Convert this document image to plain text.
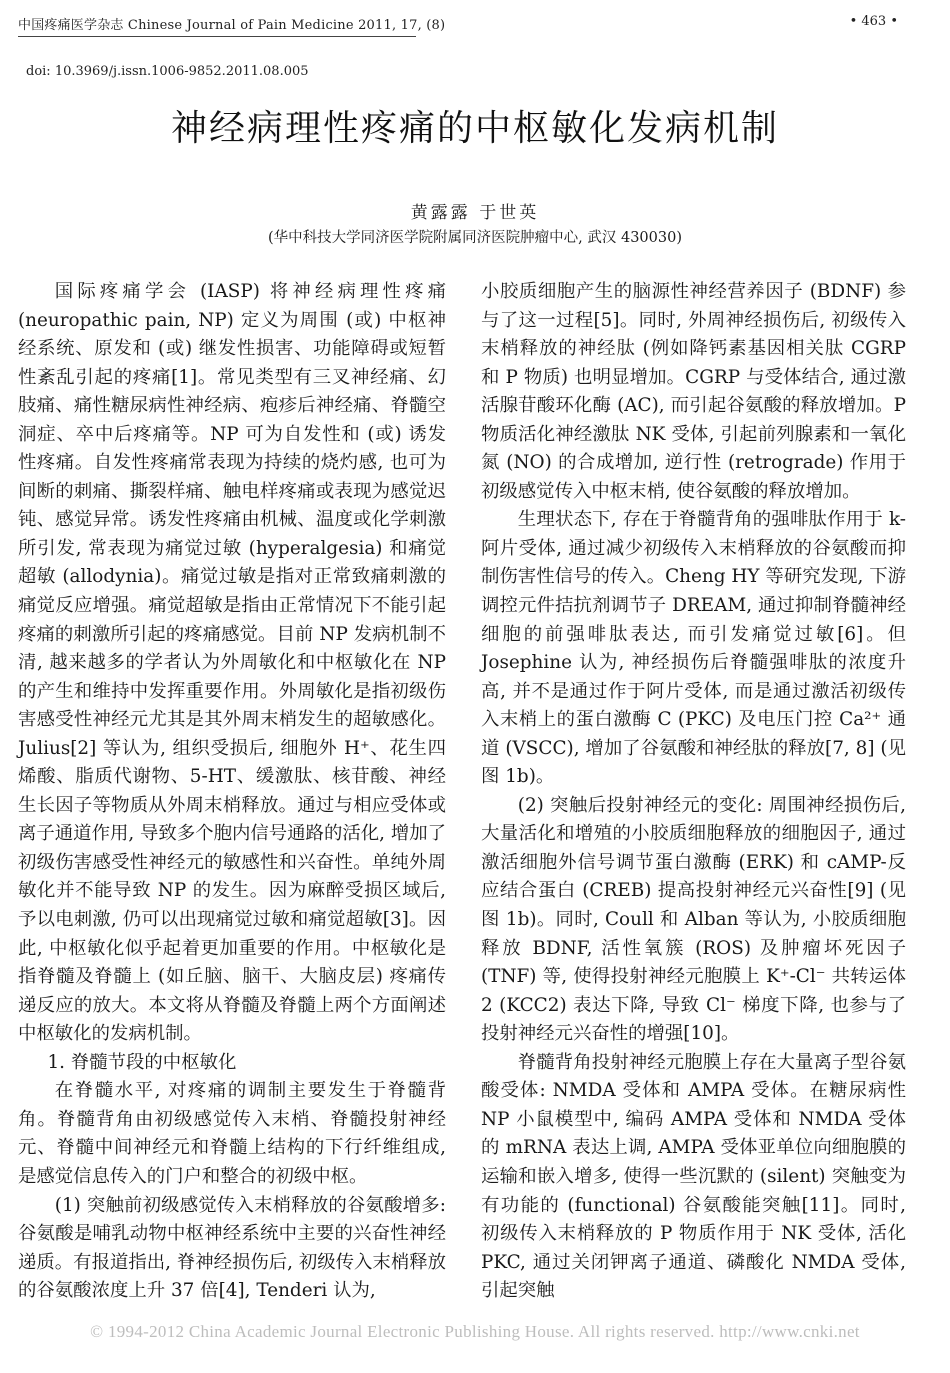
中国疼痛医学杂志 Chinese Journal of Pain Medicine 2011, 17, (8)	• 463 •
doi: 10.3969/j.issn.1006-9852.2011.08.005
神经病理性疼痛的中枢敏化发病机制
黄露露 于世英
(华中科技大学同济医学院附属同济医院肿瘤中心, 武汉 430030)

国际疼痛学会 (IASP) 将神经病理性疼痛 (neuropathic pain, NP) 定义为周围 (或) 中枢神经系统、原发和 (或) 继发性损害、功能障碍或短暂性紊乱引起的疼痛[1]。常见类型有三叉神经痛、幻肢痛、痛性糖尿病性神经病、疱疹后神经痛、脊髓空洞症、卒中后疼痛等。NP 可为自发性和 (或) 诱发性疼痛。自发性疼痛常表现为持续的烧灼感, 也可为间断的刺痛、撕裂样痛、触电样疼痛或表现为感觉迟钝、感觉异常。诱发性疼痛由机械、温度或化学刺激所引发, 常表现为痛觉过敏 (hyperalgesia) 和痛觉超敏 (allodynia)。痛觉过敏是指对正常致痛刺激的痛觉反应增强。痛觉超敏是指由正常情况下不能引起疼痛的刺激所引起的疼痛感觉。目前 NP 发病机制不清, 越来越多的学者认为外周敏化和中枢敏化在 NP 的产生和维持中发挥重要作用。外周敏化是指初级伤害感受性神经元尤其是其外周末梢发生的超敏感化。Julius[2] 等认为, 组织受损后, 细胞外 H⁺、花生四烯酸、脂质代谢物、5-HT、缓激肽、核苷酸、神经生长因子等物质从外周末梢释放。通过与相应受体或离子通道作用, 导致多个胞内信号通路的活化, 增加了初级伤害感受性神经元的敏感性和兴奋性。单纯外周敏化并不能导致 NP 的发生。因为麻醉受损区域后, 予以电刺激, 仍可以出现痛觉过敏和痛觉超敏[3]。因此, 中枢敏化似乎起着更加重要的作用。中枢敏化是指脊髓及脊髓上 (如丘脑、脑干、大脑皮层) 疼痛传递反应的放大。本文将从脊髓及脊髓上两个方面阐述中枢敏化的发病机制。

1. 脊髓节段的中枢敏化

在脊髓水平, 对疼痛的调制主要发生于脊髓背角。脊髓背角由初级感觉传入末梢、脊髓投射神经元、脊髓中间神经元和脊髓上结构的下行纤维组成, 是感觉信息传入的门户和整合的初级中枢。

(1) 突触前初级感觉传入末梢释放的谷氨酸增多: 谷氨酸是哺乳动物中枢神经系统中主要的兴奋性神经递质。有报道指出, 脊神经损伤后, 初级传入末梢释放的谷氨酸浓度上升 37 倍[4], Tenderi 认为,

小胶质细胞产生的脑源性神经营养因子 (BDNF) 参与了这一过程[5]。同时, 外周神经损伤后, 初级传入末梢释放的神经肽 (例如降钙素基因相关肽 CGRP 和 P 物质) 也明显增加。CGRP 与受体结合, 通过激活腺苷酸环化酶 (AC), 而引起谷氨酸的释放增加。P 物质活化神经激肽 NK 受体, 引起前列腺素和一氧化氮 (NO) 的合成增加, 逆行性 (retrograde) 作用于初级感觉传入中枢末梢, 使谷氨酸的释放增加。

生理状态下, 存在于脊髓背角的强啡肽作用于 k-阿片受体, 通过减少初级传入末梢释放的谷氨酸而抑制伤害性信号的传入。Cheng HY 等研究发现, 下游调控元件拮抗剂调节子 DREAM, 通过抑制脊髓神经细胞的前强啡肽表达, 而引发痛觉过敏[6]。但 Josephine 认为, 神经损伤后脊髓强啡肽的浓度升高, 并不是通过作于阿片受体, 而是通过激活初级传入末梢上的蛋白激酶 C (PKC) 及电压门控 Ca²⁺ 通道 (VSCC), 增加了谷氨酸和神经肽的释放[7, 8] (见图 1b)。

(2) 突触后投射神经元的变化: 周围神经损伤后, 大量活化和增殖的小胶质细胞释放的细胞因子, 通过激活细胞外信号调节蛋白激酶 (ERK) 和 cAMP-反应结合蛋白 (CREB) 提高投射神经元兴奋性[9] (见图 1b)。同时, Coull 和 Alban 等认为, 小胶质细胞释放 BDNF, 活性氧簇 (ROS) 及肿瘤坏死因子 (TNF) 等, 使得投射神经元胞膜上 K⁺-Cl⁻ 共转运体 2 (KCC2) 表达下降, 导致 Cl⁻ 梯度下降, 也参与了投射神经元兴奋性的增强[10]。

脊髓背角投射神经元胞膜上存在大量离子型谷氨酸受体: NMDA 受体和 AMPA 受体。在糖尿病性 NP 小鼠模型中, 编码 AMPA 受体和 NMDA 受体的 mRNA 表达上调, AMPA 受体亚单位向细胞膜的运输和嵌入增多, 使得一些沉默的 (silent) 突触变为有功能的 (functional) 谷氨酸能突触[11]。同时, 初级传入末梢释放的 P 物质作用于 NK 受体, 活化 PKC, 通过关闭钾离子通道、磷酸化 NMDA 受体, 引起突触

© 1994-2012 China Academic Journal Electronic Publishing House. All rights reserved. http://www.cnki.net
